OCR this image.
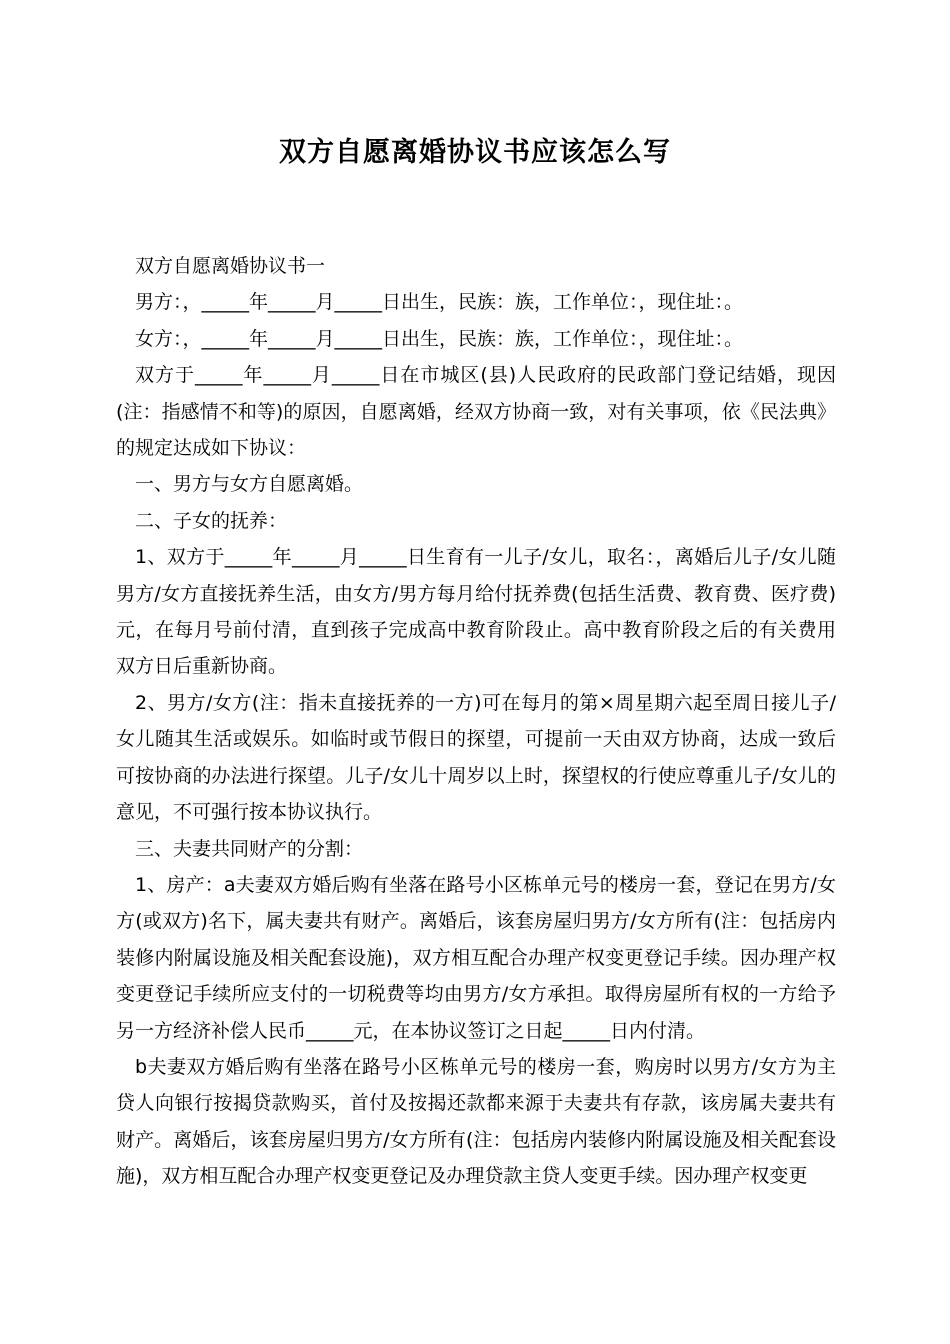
双方自愿离婚协议书应该怎么写

双方自愿离婚协议书一

男方：，_____年_____月_____日出生，民族：族，工作单位：，现住址：。

女方：，_____年_____月_____日出生，民族：族，工作单位：，现住址：。

双方于_____年_____月_____日在市城区(县)人民政府的民政部门登记结婚，现因(注：指感情不和等)的原因，自愿离婚，经双方协商一致，对有关事项，依《民法典》的规定达成如下协议：

一、男方与女方自愿离婚。

二、子女的抚养：

1、双方于_____年_____月_____日生育有一儿子/女儿，取名：，离婚后儿子/女儿随男方/女方直接抚养生活，由女方/男方每月给付抚养费(包括生活费、教育费、医疗费)元，在每月号前付清，直到孩子完成高中教育阶段止。高中教育阶段之后的有关费用双方日后重新协商。

2、男方/女方(注：指未直接抚养的一方)可在每月的第×周星期六起至周日接儿子/女儿随其生活或娱乐。如临时或节假日的探望，可提前一天由双方协商，达成一致后可按协商的办法进行探望。儿子/女儿十周岁以上时，探望权的行使应尊重儿子/女儿的意见，不可强行按本协议执行。

三、夫妻共同财产的分割：

1、房产：a夫妻双方婚后购有坐落在路号小区栋单元号的楼房一套，登记在男方/女方(或双方)名下，属夫妻共有财产。离婚后，该套房屋归男方/女方所有(注：包括房内装修内附属设施及相关配套设施)，双方相互配合办理产权变更登记手续。因办理产权变更登记手续所应支付的一切税费等均由男方/女方承担。取得房屋所有权的一方给予另一方经济补偿人民币_____元，在本协议签订之日起_____日内付清。

b夫妻双方婚后购有坐落在路号小区栋单元号的楼房一套，购房时以男方/女方为主贷人向银行按揭贷款购买，首付及按揭还款都来源于夫妻共有存款，该房属夫妻共有财产。离婚后，该套房屋归男方/女方所有(注：包括房内装修内附属设施及相关配套设施)，双方相互配合办理产权变更登记及办理贷款主贷人变更手续。因办理产权变更
